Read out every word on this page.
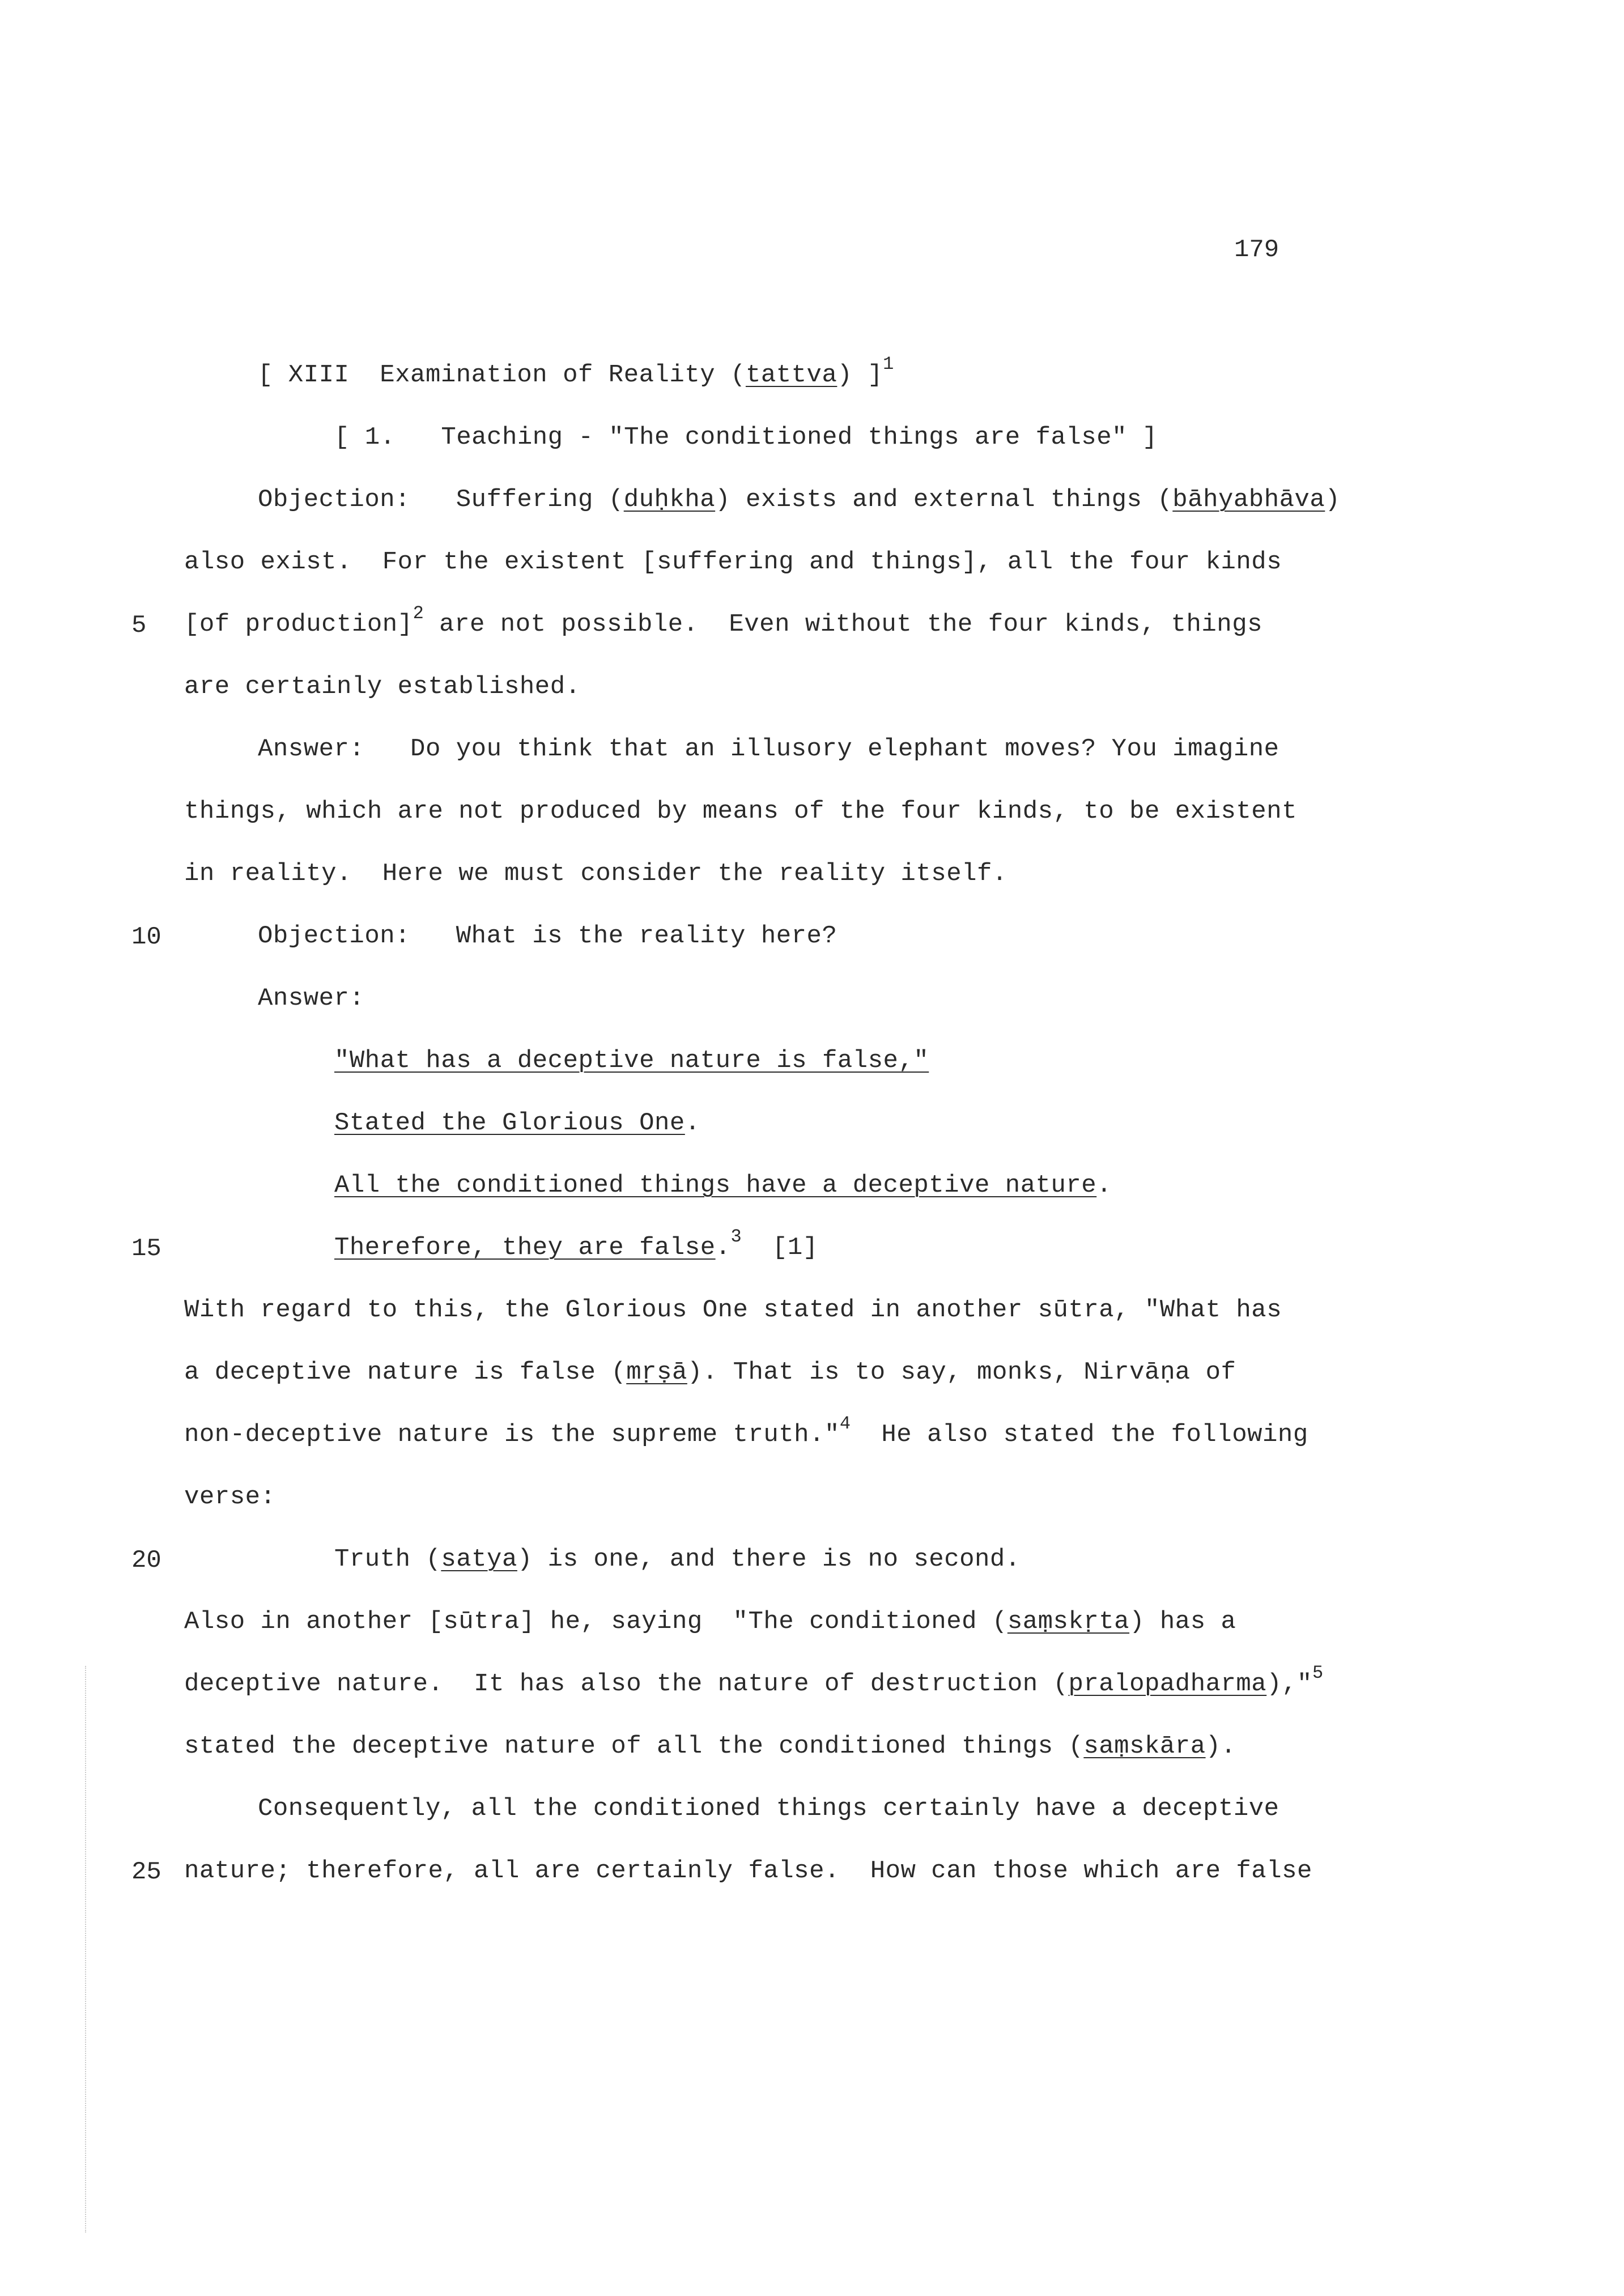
179
[ XIII  Examination of Reality (tattva) ]$^1$
[ 1.   Teaching - "The conditioned things are false" ]
Objection:   Suffering (duḥkha) exists and external things (bāhyabhāva)
also exist.  For the existent [suffering and things], all the four kinds
5 [of production]$^2$ are not possible.  Even without the four kinds, things
are certainly established.
Answer:   Do you think that an illusory elephant moves? You imagine
things, which are not produced by means of the four kinds, to be existent
in reality.  Here we must consider the reality itself.
10	Objection:   What is the reality here?
Answer:
"What has a deceptive nature is false,"
Stated the Glorious One.
All the conditioned things have a deceptive nature.
15	Therefore, they are false.$^3$  [1]
With regard to this, the Glorious One stated in another sūtra, "What has
a deceptive nature is false (mṛṣā). That is to say, monks, Nirvāṇa of
non-deceptive nature is the supreme truth."$^4$  He also stated the following
verse:
20	Truth (satya) is one, and there is no second.
Also in another [sūtra] he, saying  "The conditioned (saṃskṛta) has a
deceptive nature.  It has also the nature of destruction (pralopadharma),"$^5$
stated the deceptive nature of all the conditioned things (saṃskāra).
Consequently, all the conditioned things certainly have a deceptive
25 nature; therefore, all are certainly false.  How can those which are false
